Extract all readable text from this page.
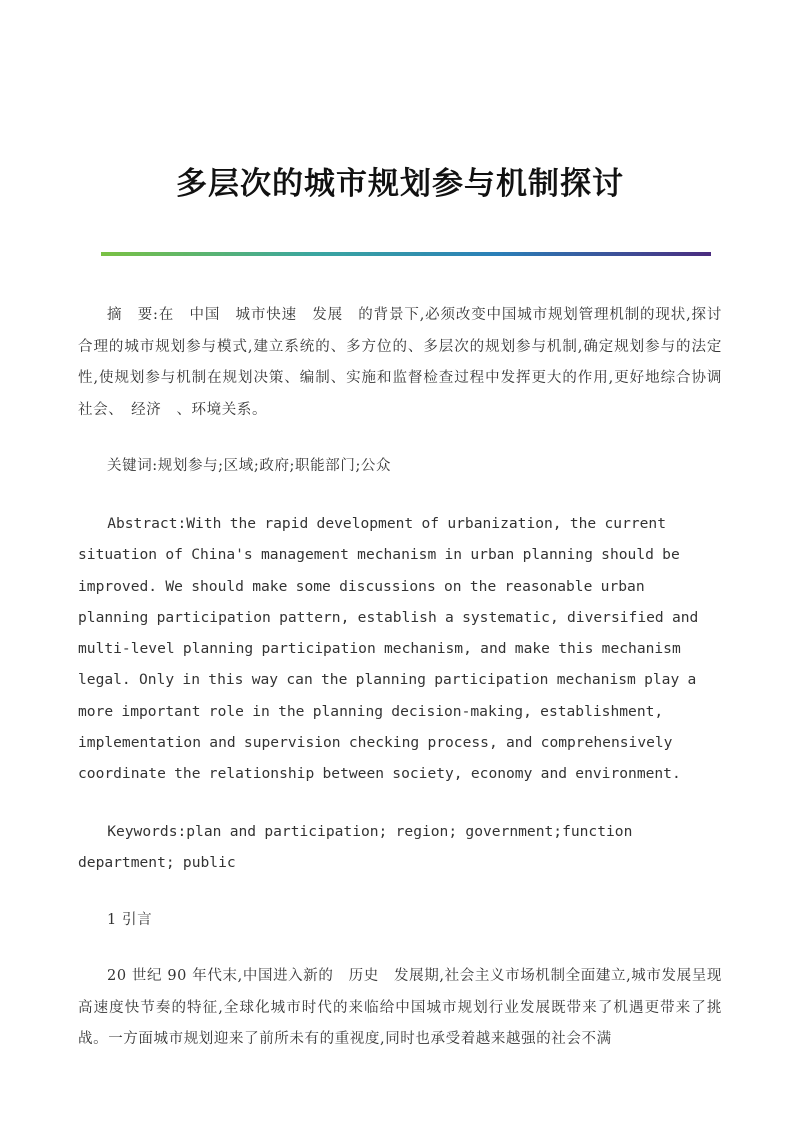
多层次的城市规划参与机制探讨

摘　要:在　中国　城市快速　发展　的背景下,必须改变中国城市规划管理机制的现状,探讨合理的城市规划参与模式,建立系统的、多方位的、多层次的规划参与机制,确定规划参与的法定性,使规划参与机制在规划决策、编制、实施和监督检查过程中发挥更大的作用,更好地综合协调社会、　经济　、环境关系。

关键词:规划参与;区域;政府;职能部门;公众

Abstract:With the rapid development of urbanization, the current situation of China's management mechanism in urban planning should be improved. We should make some discussions on the reasonable urban planning participation pattern, establish a systematic, diversified and multi-level planning participation mechanism, and make this mechanism legal. Only in this way can the planning participation mechanism play a more important role in the planning decision-making, establishment, implementation and supervision checking process, and comprehensively coordinate the relationship between society, economy and environment.

Keywords:plan and participation; region; government;function department; public

1 引言

20 世纪 90 年代末,中国进入新的　历史　发展期,社会主义市场机制全面建立,城市发展呈现高速度快节奏的特征,全球化城市时代的来临给中国城市规划行业发展既带来了机遇更带来了挑战。一方面城市规划迎来了前所未有的重视度,同时也承受着越来越强的社会不满
